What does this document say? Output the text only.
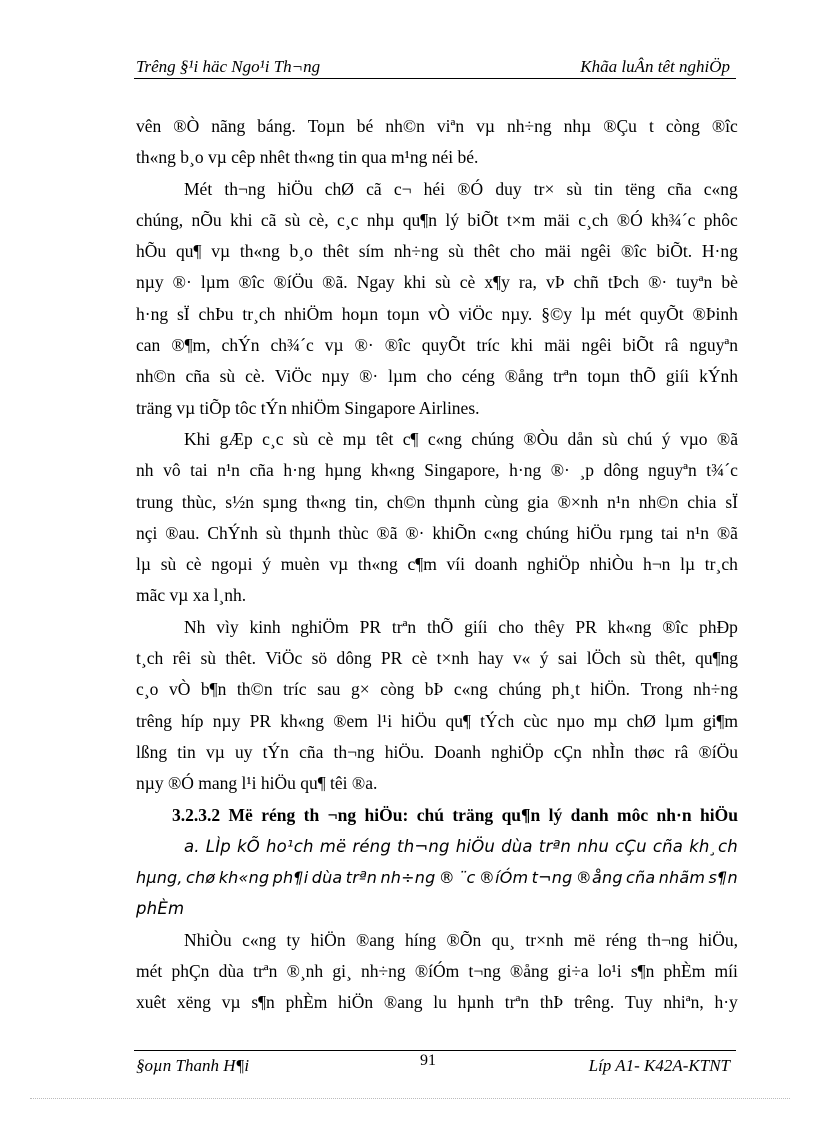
Trêng §¹i häc Ngo¹i Th¬ng	Khãa luÂn têt nghiÖp
vên ®Ò nãng báng. Toµn bé nh©n viªn vµ nh÷ng nhµ ®Çu t còng ®îc
th«ng b¸o vµ cêp nhêt th«ng tin qua m¹ng néi bé.
Mét th¬ng hiÖu chØ cã c¬ héi ®Ó duy tr× sù tin tëng cña c«ng
chúng, nÕu khi cã sù cè, c¸c nhµ qu¶n lý biÕt t×m mäi c¸ch ®Ó kh¾´c phôc
hÕu qu¶ vµ th«ng b¸o thêt sím nh÷ng sù thêt cho mäi ngêi ®îc biÕt. H·ng
nµy ®· lµm ®îc ®íÖu ®ã. Ngay khi sù cè x¶y ra, vÞ chñ tÞch ®· tuyªn bè
h·ng sÏ chÞu tr¸ch nhiÖm hoµn toµn vÒ viÖc nµy. §©y lµ mét quyÕt ®Þinh
can ®¶m, chÝn ch¾´c vµ ®· ®îc quyÕt tríc khi mäi ngêi biÕt râ nguyªn
nh©n cña sù cè. ViÖc nµy ®· lµm cho céng ®ång trªn toµn thÕ giíi kÝnh
träng vµ tiÕp tôc tÝn nhiÖm Singapore Airlines.
Khi gÆp c¸c sù cè mµ têt c¶ c«ng chúng ®Òu dån sù chú ý vµo ®ã
nh vô tai n¹n cña h·ng hµng kh«ng Singapore, h·ng ®· ¸p dông nguyªn t¾´c
trung thùc, s½n sµng th«ng tin, ch©n thµnh cùng gia ®×nh n¹n nh©n chia sÏ
nçi ®au. ChÝnh sù thµnh thùc ®ã ®· khiÕn c«ng chúng hiÖu rµng tai n¹n ®ã
lµ sù cè ngoµi ý muèn vµ th«ng c¶m víi doanh nghiÖp nhiÒu h¬n lµ tr¸ch
mãc vµ xa l¸nh.
Nh vìy kinh nghiÖm PR trªn thÕ giíi cho thêy PR kh«ng ®îc phÐp
t¸ch rêi sù thêt. ViÖc sö dông PR cè t×nh hay v« ý sai lÖch sù thêt, qu¶ng
c¸o vÒ b¶n th©n tríc sau g× còng bÞ c«ng chúng ph¸t hiÖn. Trong nh÷ng
trêng híp nµy PR kh«ng ®em l¹i hiÖu qu¶ tÝch cùc nµo mµ chØ lµm gi¶m
lßng tin vµ uy tÝn cña th¬ng hiÖu. Doanh nghiÖp cÇn nhÌn thøc râ ®íÖu
nµy ®Ó mang l¹i hiÖu qu¶ têi ®a.
3.2.3.2 Më réng th ¬ng hiÖu: chú träng qu¶n lý danh môc nh·n hiÖu
a. LÌp kÕ ho¹ch më réng th¬ng hiÖu dùa trªn nhu cÇu cña kh¸ch
hµng, chø kh«ng ph¶i dùa trªn nh÷ng ® ¨c ®íÓm t¬ng ®ång cña nhãm s¶n
phÈm
NhiÒu c«ng ty hiÖn ®ang híng ®Õn qu¸ tr×nh më réng th¬ng hiÖu,
mét phÇn dùa trªn ®¸nh gi¸ nh÷ng ®íÓm t¬ng ®ång gi÷a lo¹i s¶n phÈm míi
xuêt xëng vµ s¶n phÈm hiÖn ®ang lu hµnh trªn thÞ trêng. Tuy nhiªn, h·y
§oµn Thanh H¶i	91	Líp A1- K42A-KTNT
